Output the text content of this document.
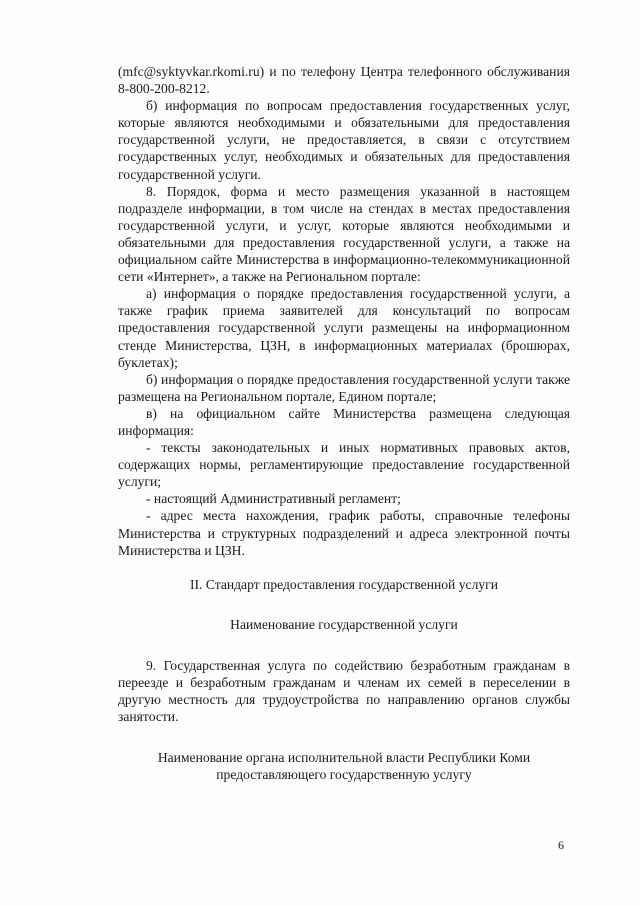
(mfc@syktyvkar.rkomi.ru) и по телефону Центра телефонного обслуживания 8-800-200-8212.

б) информация по вопросам предоставления государственных услуг, которые являются необходимыми и обязательными для предоставления государственной услуги, не предоставляется, в связи с отсутствием государственных услуг, необходимых и обязательных для предоставления государственной услуги.

8. Порядок, форма и место размещения указанной в настоящем подразделе информации, в том числе на стендах в местах предоставления государственной услуги, и услуг, которые являются необходимыми и обязательными для предоставления государственной услуги, а также на официальном сайте Министерства в информационно-телекоммуникационной сети «Интернет», а также на Региональном портале:

а) информация о порядке предоставления государственной услуги, а также график приема заявителей для консультаций по вопросам предоставления государственной услуги размещены на информационном стенде Министерства, ЦЗН, в информационных материалах (брошюрах, буклетах);

б) информация о порядке предоставления государственной услуги также размещена на Региональном портале, Едином портале;

в) на официальном сайте Министерства размещена следующая информация:

- тексты законодательных и иных нормативных правовых актов, содержащих нормы, регламентирующие предоставление государственной услуги;

- настоящий Административный регламент;

- адрес места нахождения, график работы, справочные телефоны Министерства и структурных подразделений и адреса электронной почты Министерства и ЦЗН.

II. Стандарт предоставления государственной услуги

Наименование государственной услуги

9. Государственная услуга по содействию безработным гражданам в переезде и безработным гражданам и членам их семей в переселении в другую местность для трудоустройства по направлению органов службы занятости.

Наименование органа исполнительной власти Республики Коми

предоставляющего государственную услугу

6
